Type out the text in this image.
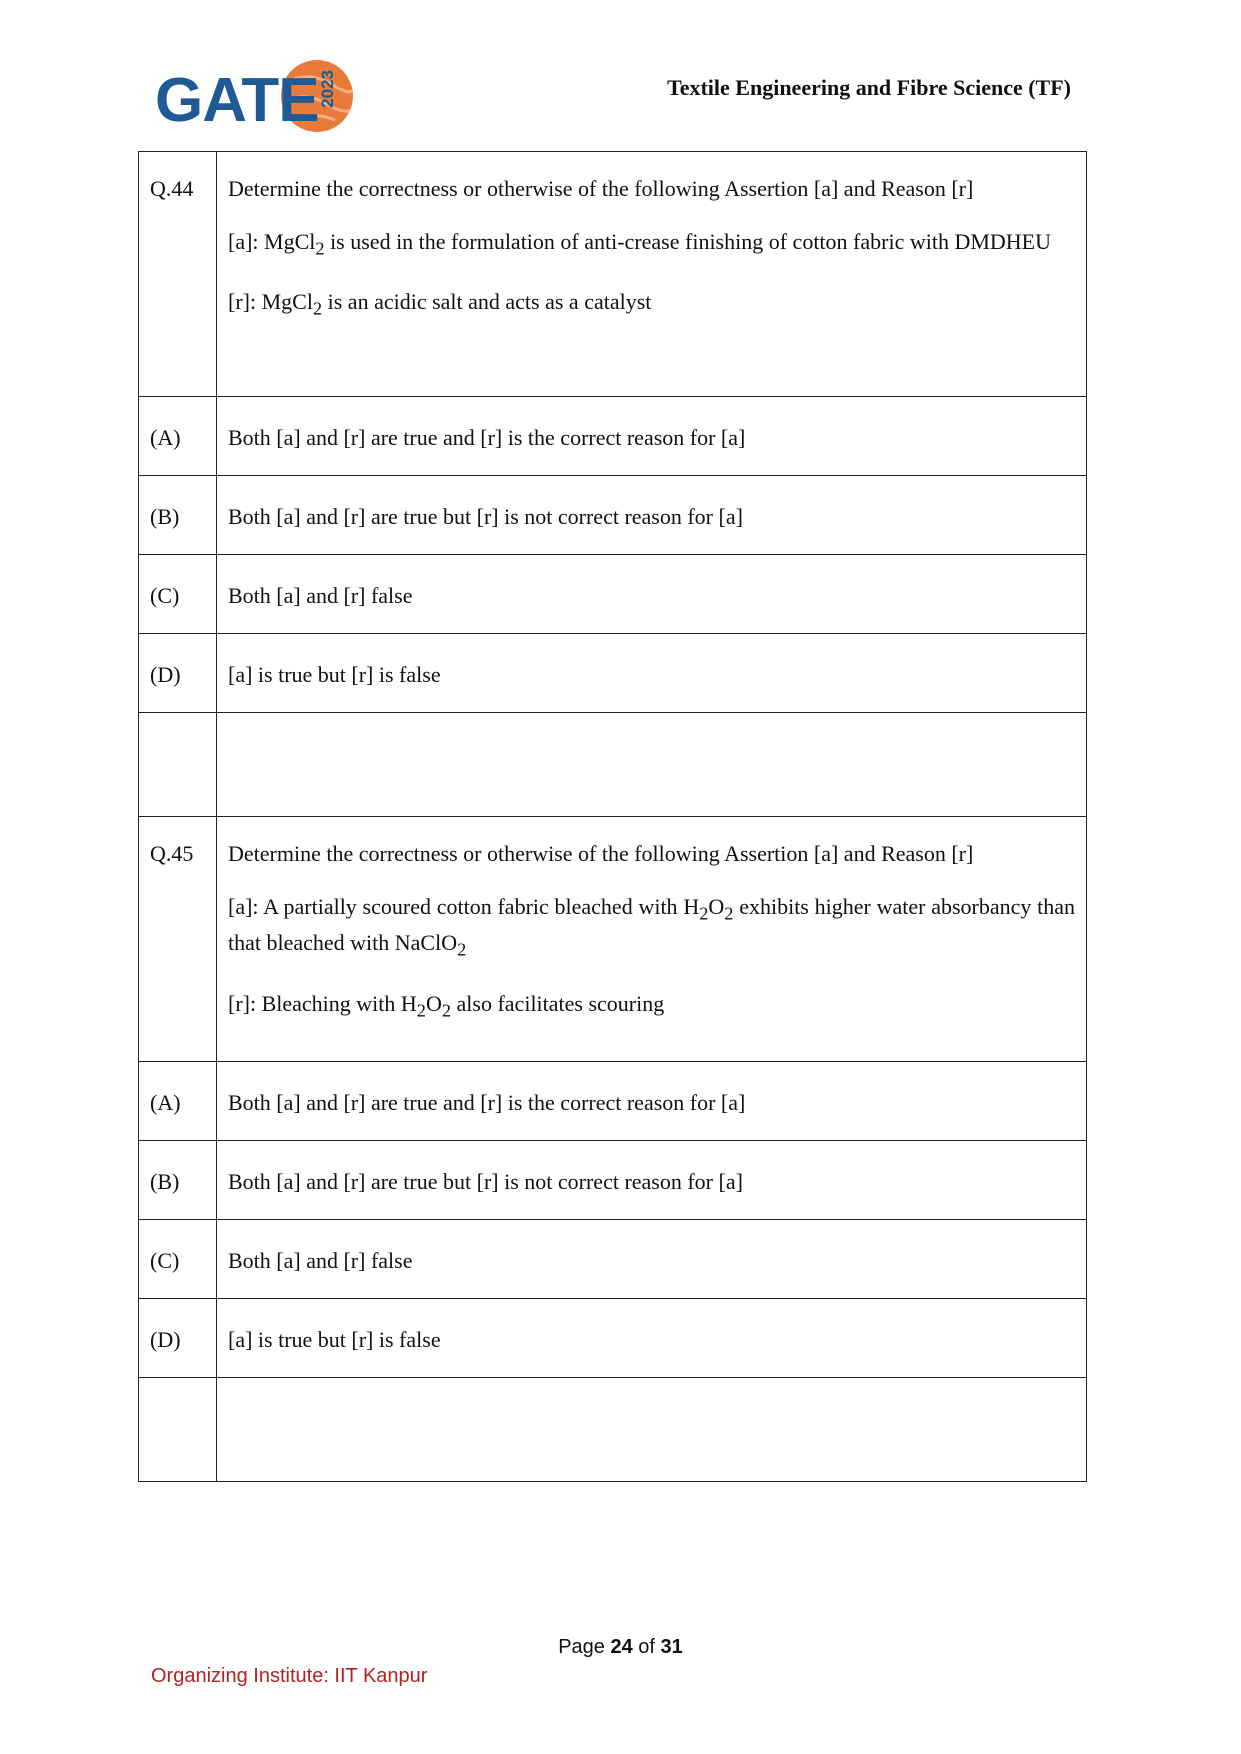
GATE 2023	Textile Engineering and Fibre Science (TF)
Q.44	Determine the correctness or otherwise of the following Assertion [a] and Reason [r]

[a]: MgCl$_2$ is used in the formulation of anti-crease finishing of cotton fabric with DMDHEU

[r]: MgCl$_2$ is an acidic salt and acts as a catalyst

(A)	Both [a] and [r] are true and [r] is the correct reason for [a]
(B)	Both [a] and [r] are true but [r] is not correct reason for [a]
(C)	Both [a] and [r] false
(D)	[a] is true but [r] is false

Q.45	Determine the correctness or otherwise of the following Assertion [a] and Reason [r]

[a]: A partially scoured cotton fabric bleached with $H_2O_2$ exhibits higher water absorbancy than that bleached with NaClO$_2$

[r]: Bleaching with $H_2O_2$ also facilitates scouring

(A)	Both [a] and [r] are true and [r] is the correct reason for [a]
(B)	Both [a] and [r] are true but [r] is not correct reason for [a]
(C)	Both [a] and [r] false
(D)	[a] is true but [r] is false

Page 24 of 31
Organizing Institute: IIT Kanpur
